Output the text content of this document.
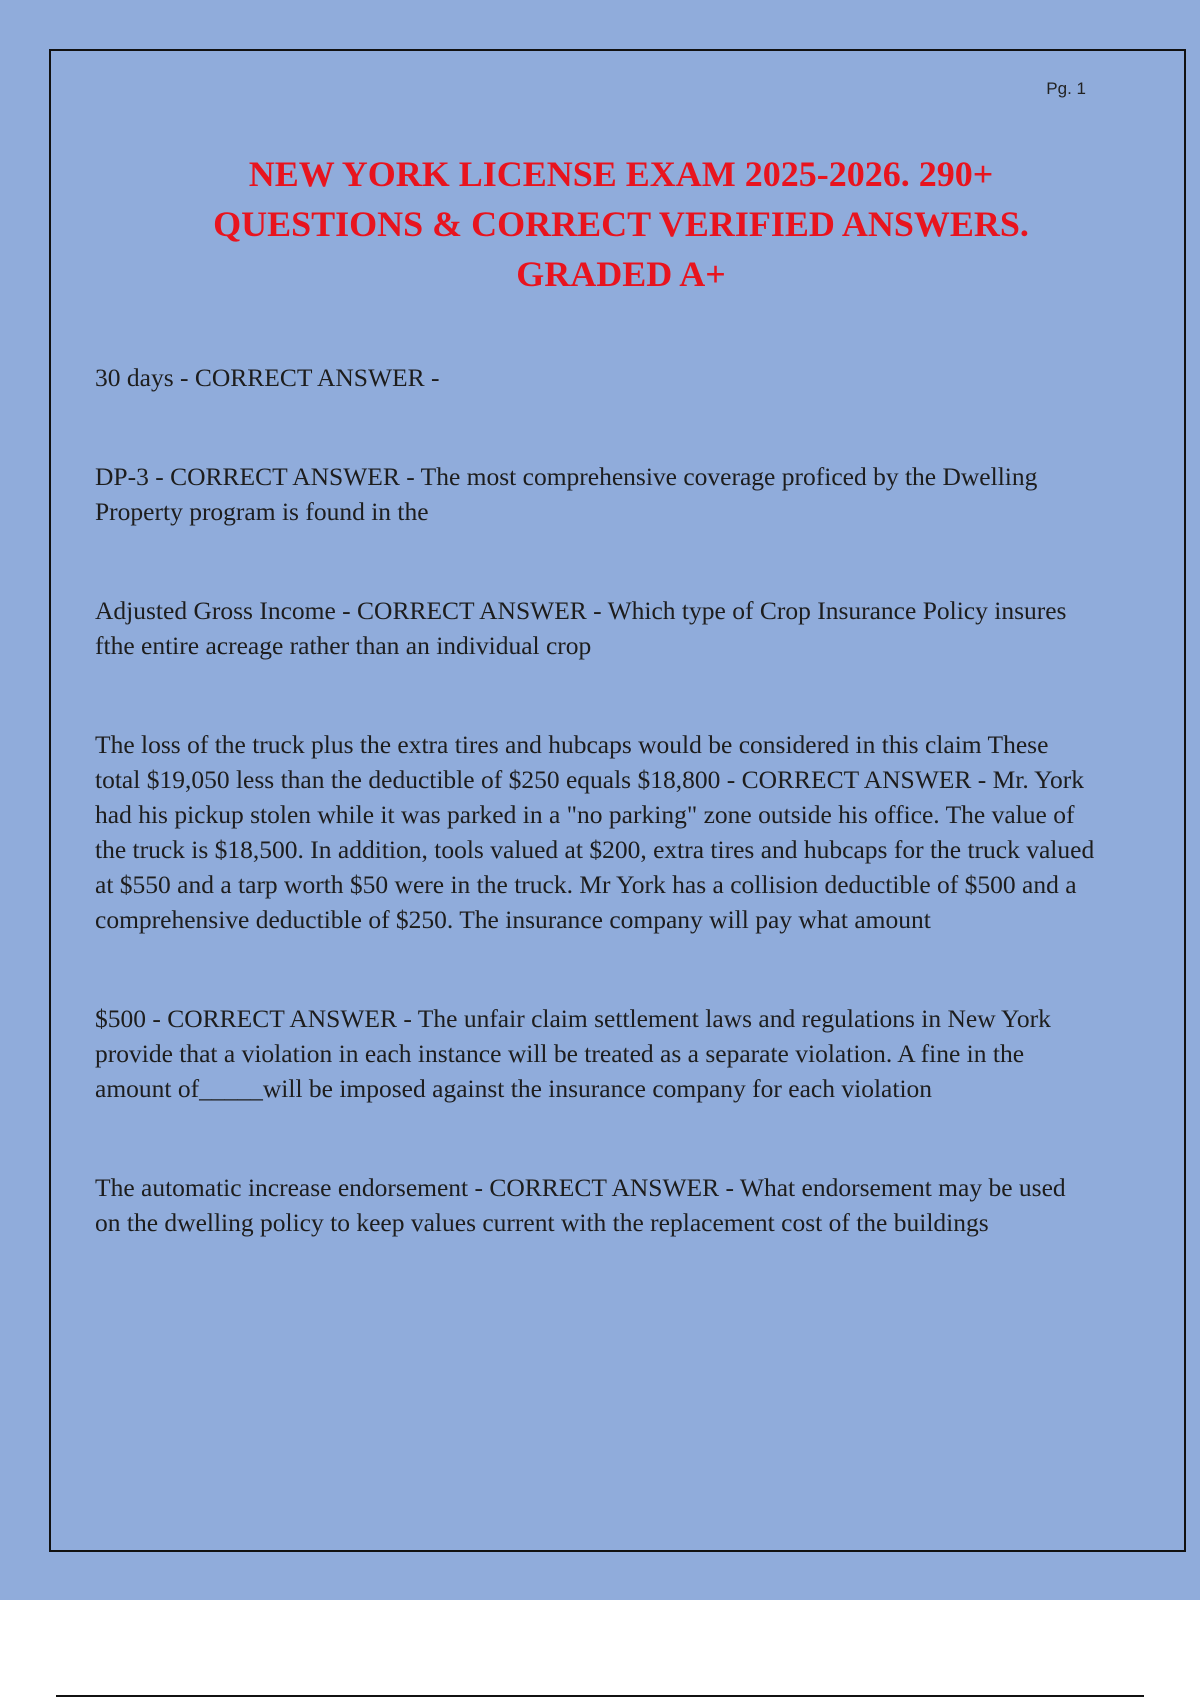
Pg. 1
NEW YORK LICENSE EXAM 2025-2026. 290+ QUESTIONS & CORRECT VERIFIED ANSWERS. GRADED A+

30 days - CORRECT ANSWER -

DP-3 - CORRECT ANSWER - The most comprehensive coverage proficed by the Dwelling Property program is found in the

Adjusted Gross Income - CORRECT ANSWER - Which type of Crop Insurance Policy insures fthe entire acreage rather than an individual crop

The loss of the truck plus the extra tires and hubcaps would be considered in this claim These total $19,050 less than the deductible of $250 equals $18,800 - CORRECT ANSWER - Mr. York had his pickup stolen while it was parked in a "no parking" zone outside his office. The value of the truck is $18,500. In addition, tools valued at $200, extra tires and hubcaps for the truck valued at $550 and a tarp worth $50 were in the truck. Mr York has a collision deductible of $500 and a comprehensive deductible of $250. The insurance company will pay what amount

$500 - CORRECT ANSWER - The unfair claim settlement laws and regulations in New York provide that a violation in each instance will be treated as a separate violation. A fine in the amount of_____will be imposed against the insurance company for each violation

The automatic increase endorsement - CORRECT ANSWER - What endorsement may be used on the dwelling policy to keep values current with the replacement cost of the buildings
